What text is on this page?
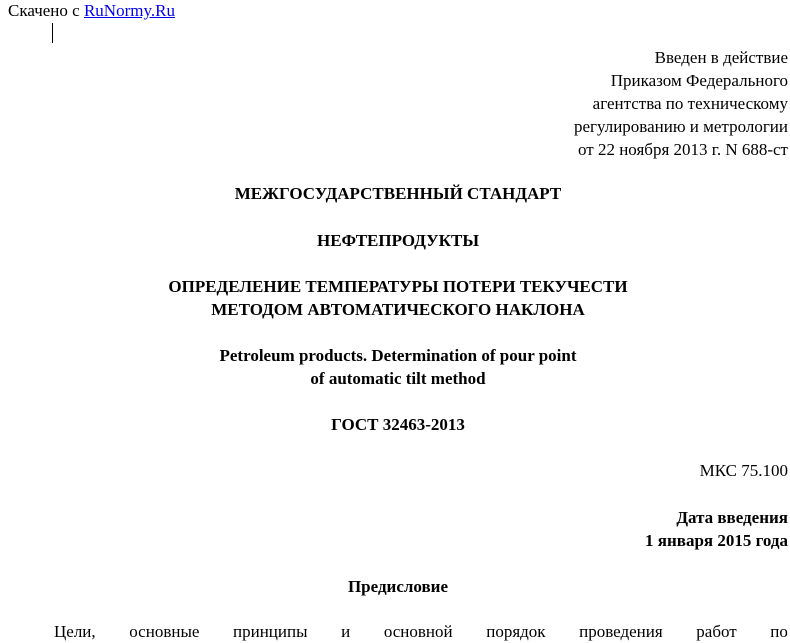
Скачено с RuNormy.Ru
Введен в действие
Приказом Федерального
агентства по техническому
регулированию и метрологии
от 22 ноября 2013 г. N 688-ст
МЕЖГОСУДАРСТВЕННЫЙ СТАНДАРТ
НЕФТЕПРОДУКТЫ
ОПРЕДЕЛЕНИЕ ТЕМПЕРАТУРЫ ПОТЕРИ ТЕКУЧЕСТИ
МЕТОДОМ АВТОМАТИЧЕСКОГО НАКЛОНА
Petroleum products. Determination of pour point
of automatic tilt method
ГОСТ 32463-2013
МКС 75.100
Дата введения
1 января 2015 года
Предисловие
Цели, основные принципы и основной порядок проведения работ по
